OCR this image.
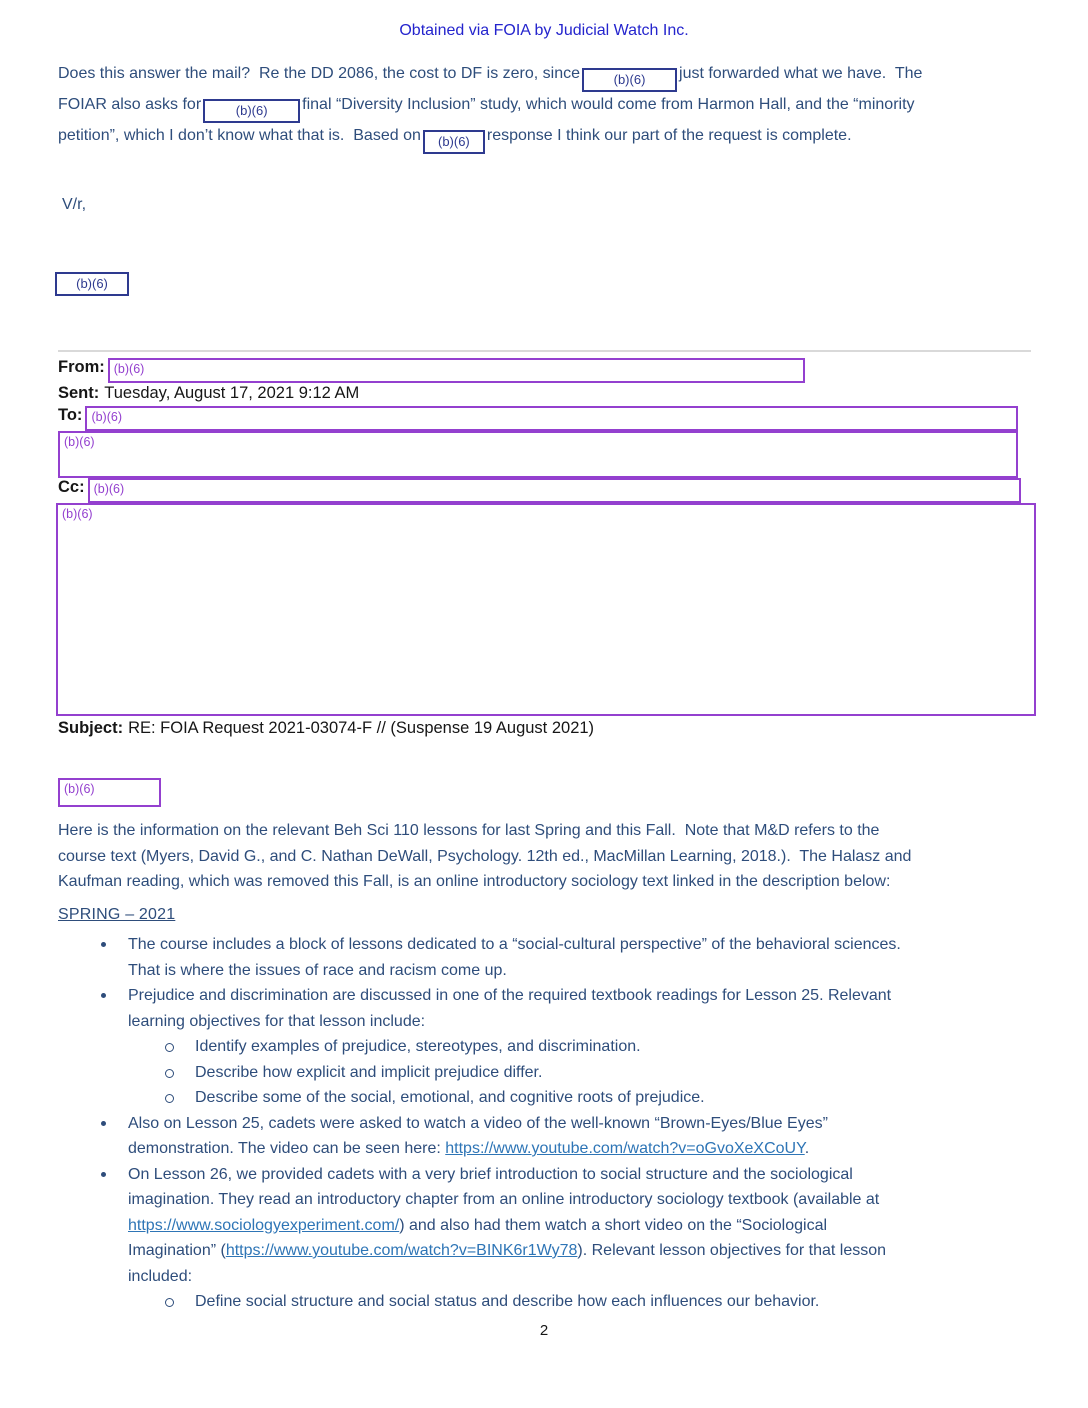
Obtained via FOIA by Judicial Watch Inc.
Does this answer the mail?  Re the DD 2086, the cost to DF is zero, since	(b)(6) just forwarded what we have.  The
FOIAR also asks for	(b)(6) final “Diversity Inclusion” study, which would come from Harmon Hall, and the “minority
petition”, which I don’t know what that is.  Based on (b)(6) response I think our part of the request is complete.
V/r,
(b)(6)
From: (b)(6)
Sent: Tuesday, August 17, 2021 9:12 AM
To: (b)(6)
(b)(6)
Cc: (b)(6)
(b)(6)
Subject: RE: FOIA Request 2021-03074-F // (Suspense 19 August 2021)
(b)(6)
Here is the information on the relevant Beh Sci 110 lessons for last Spring and this Fall.  Note that M&D refers to the
course text (Myers, David G., and C. Nathan DeWall, Psychology. 12th ed., MacMillan Learning, 2018.).  The Halasz and
Kaufman reading, which was removed this Fall, is an online introductory sociology text linked in the description below:
SPRING – 2021
The course includes a block of lessons dedicated to a “social-cultural perspective” of the behavioral sciences.
That is where the issues of race and racism come up.
Prejudice and discrimination are discussed in one of the required textbook readings for Lesson 25. Relevant
learning objectives for that lesson include:
Identify examples of prejudice, stereotypes, and discrimination.
Describe how explicit and implicit prejudice differ.
Describe some of the social, emotional, and cognitive roots of prejudice.
Also on Lesson 25, cadets were asked to watch a video of the well-known “Brown-Eyes/Blue Eyes”
demonstration. The video can be seen here: https://www.youtube.com/watch?v=oGvoXeXCoUY.
On Lesson 26, we provided cadets with a very brief introduction to social structure and the sociological
imagination. They read an introductory chapter from an online introductory sociology textbook (available at
https://www.sociologyexperiment.com/) and also had them watch a short video on the “Sociological
Imagination” (https://www.youtube.com/watch?v=BINK6r1Wy78). Relevant lesson objectives for that lesson
included:
Define social structure and social status and describe how each influences our behavior.
2
